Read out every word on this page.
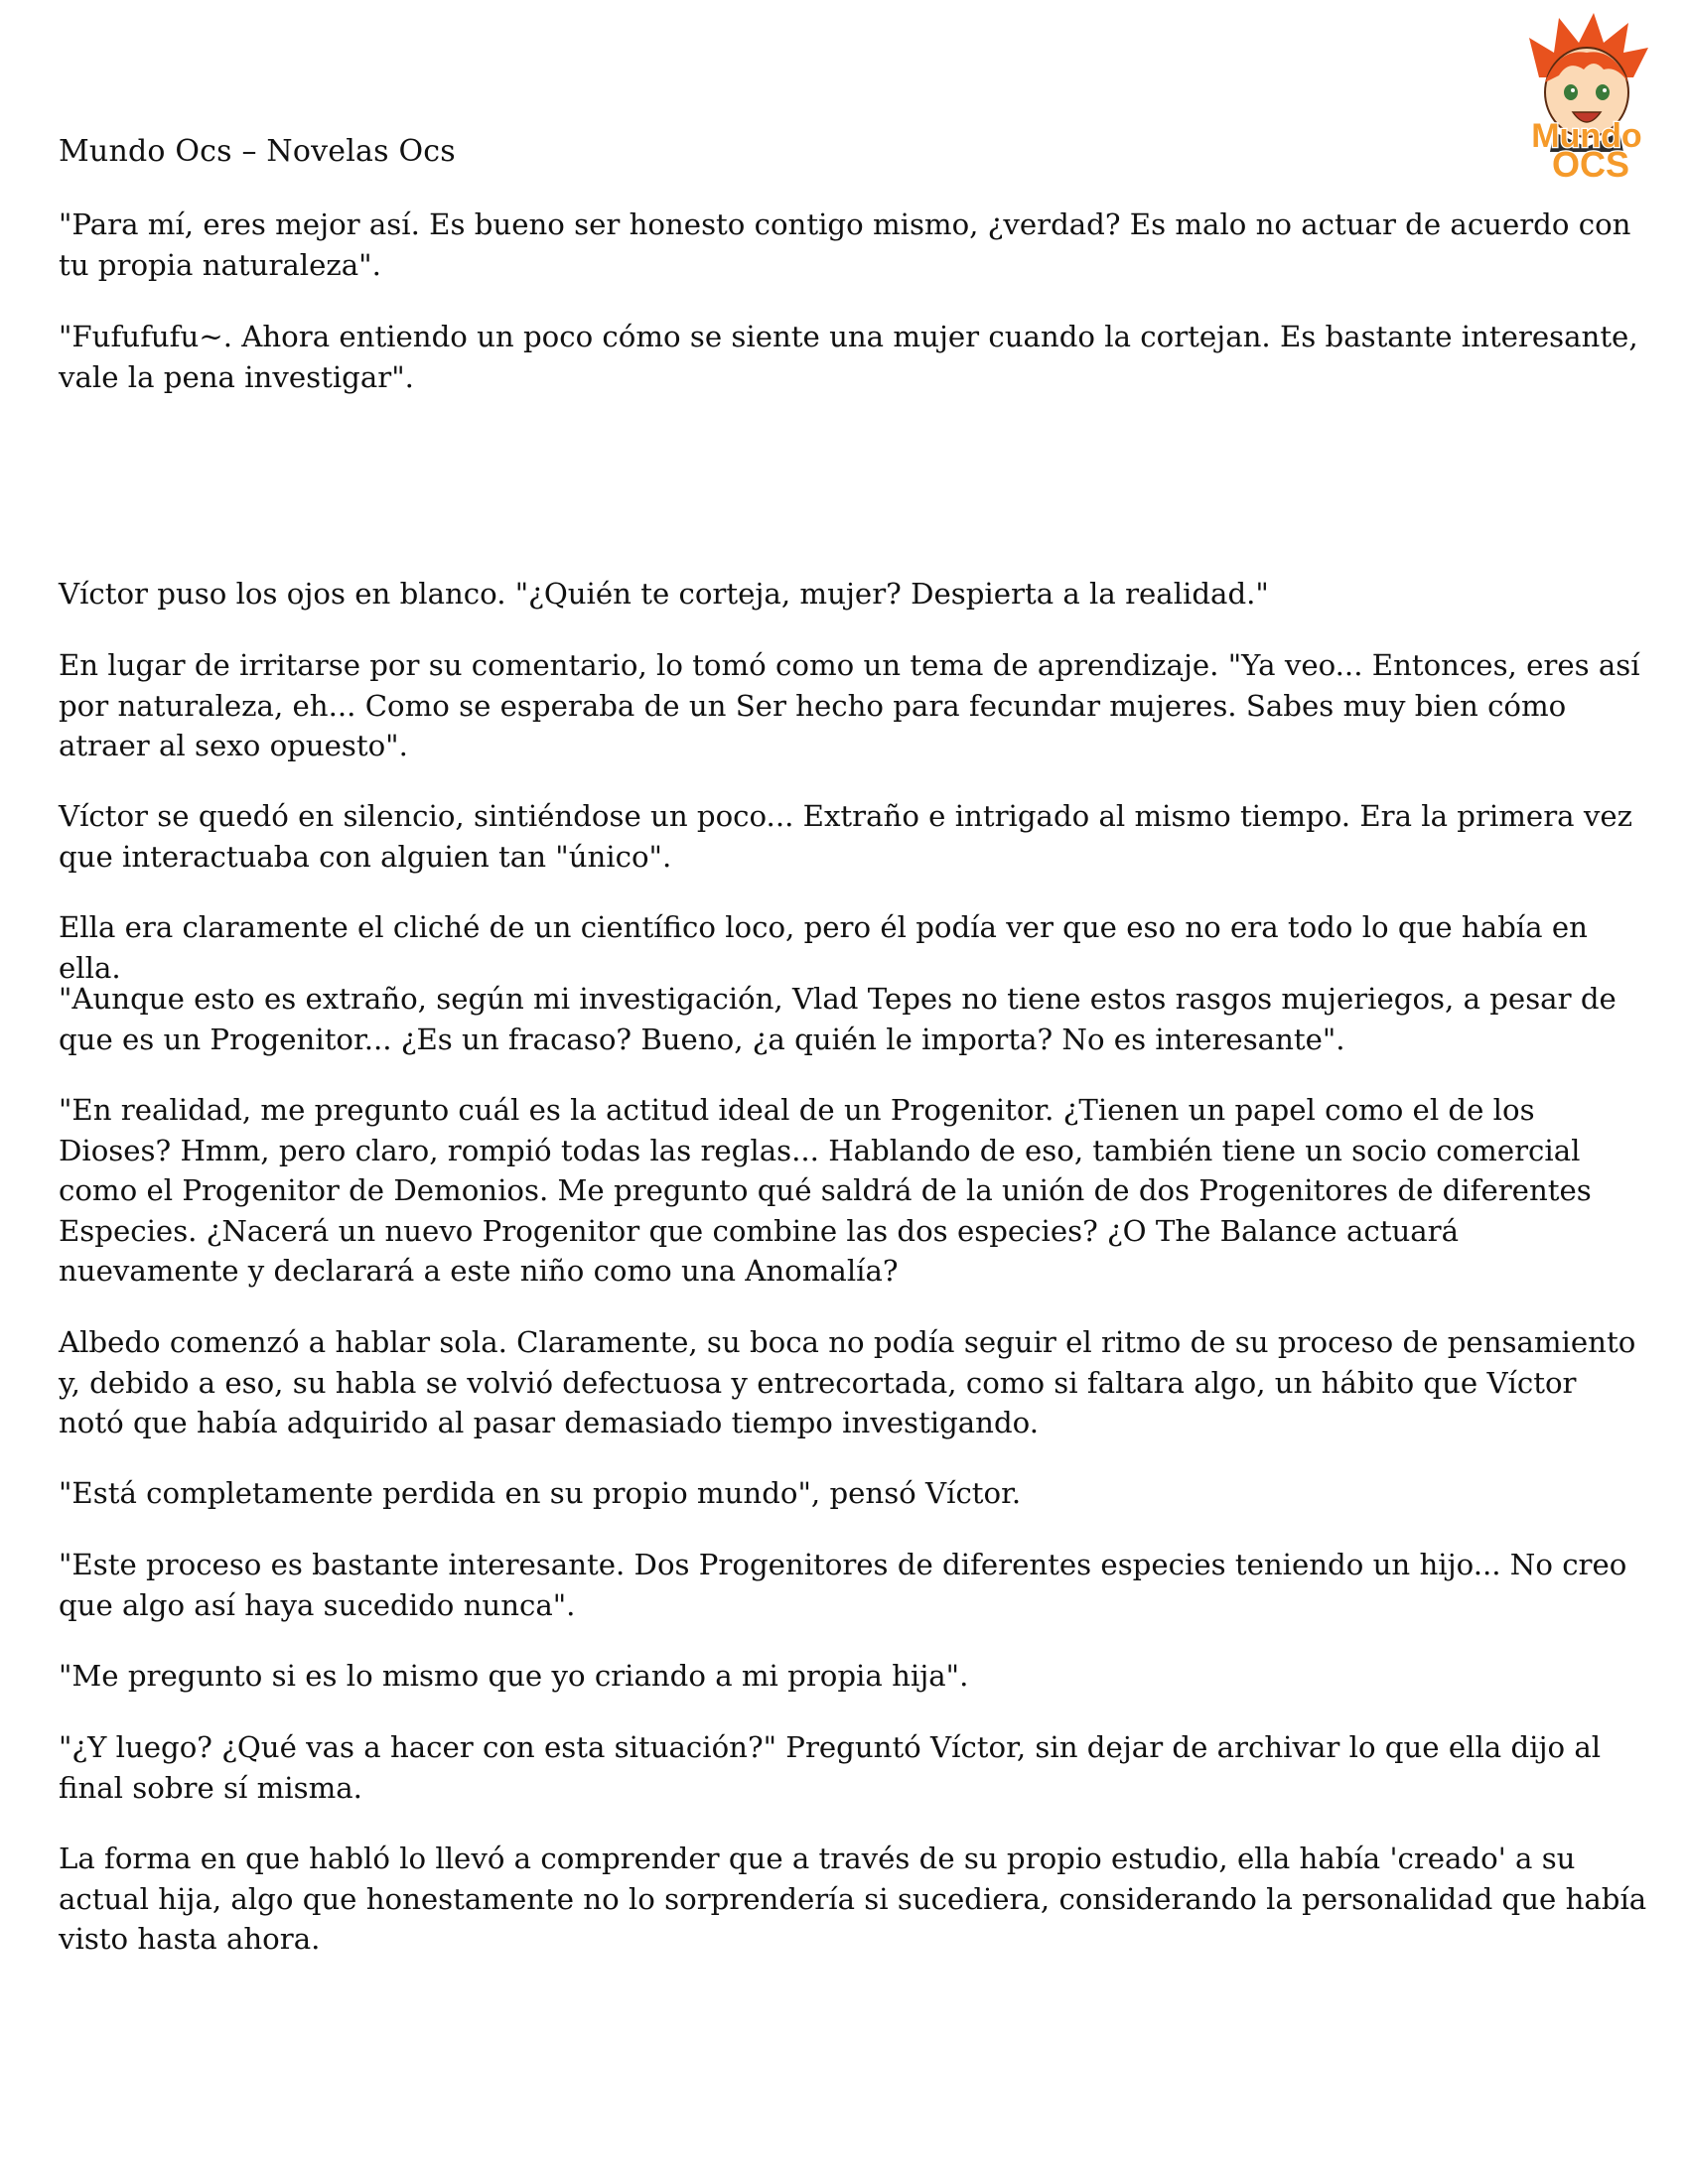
Mundo
OCS
Mundo Ocs – Novelas Ocs

"Para mí, eres mejor así. Es bueno ser honesto contigo mismo, ¿verdad? Es malo no actuar de acuerdo con tu propia naturaleza".

"Fufufufu~. Ahora entiendo un poco cómo se siente una mujer cuando la cortejan. Es bastante interesante, vale la pena investigar".

Víctor puso los ojos en blanco. "¿Quién te corteja, mujer? Despierta a la realidad."

En lugar de irritarse por su comentario, lo tomó como un tema de aprendizaje. "Ya veo... Entonces, eres así por naturaleza, eh... Como se esperaba de un Ser hecho para fecundar mujeres. Sabes muy bien cómo atraer al sexo opuesto".

Víctor se quedó en silencio, sintiéndose un poco... Extraño e intrigado al mismo tiempo. Era la primera vez que interactuaba con alguien tan "único".

Ella era claramente el cliché de un científico loco, pero él podía ver que eso no era todo lo que había en ella.

"Aunque esto es extraño, según mi investigación, Vlad Tepes no tiene estos rasgos mujeriegos, a pesar de que es un Progenitor... ¿Es un fracaso? Bueno, ¿a quién le importa? No es interesante".

"En realidad, me pregunto cuál es la actitud ideal de un Progenitor. ¿Tienen un papel como el de los Dioses? Hmm, pero claro, rompió todas las reglas... Hablando de eso, también tiene un socio comercial como el Progenitor de Demonios. Me pregunto qué saldrá de la unión de dos Progenitores de diferentes Especies. ¿Nacerá un nuevo Progenitor que combine las dos especies? ¿O The Balance actuará nuevamente y declarará a este niño como una Anomalía?

Albedo comenzó a hablar sola. Claramente, su boca no podía seguir el ritmo de su proceso de pensamiento y, debido a eso, su habla se volvió defectuosa y entrecortada, como si faltara algo, un hábito que Víctor notó que había adquirido al pasar demasiado tiempo investigando.

"Está completamente perdida en su propio mundo", pensó Víctor.

"Este proceso es bastante interesante. Dos Progenitores de diferentes especies teniendo un hijo... No creo que algo así haya sucedido nunca".

"Me pregunto si es lo mismo que yo criando a mi propia hija".

"¿Y luego? ¿Qué vas a hacer con esta situación?" Preguntó Víctor, sin dejar de archivar lo que ella dijo al final sobre sí misma.

La forma en que habló lo llevó a comprender que a través de su propio estudio, ella había 'creado' a su actual hija, algo que honestamente no lo sorprendería si sucediera, considerando la personalidad que había visto hasta ahora.
